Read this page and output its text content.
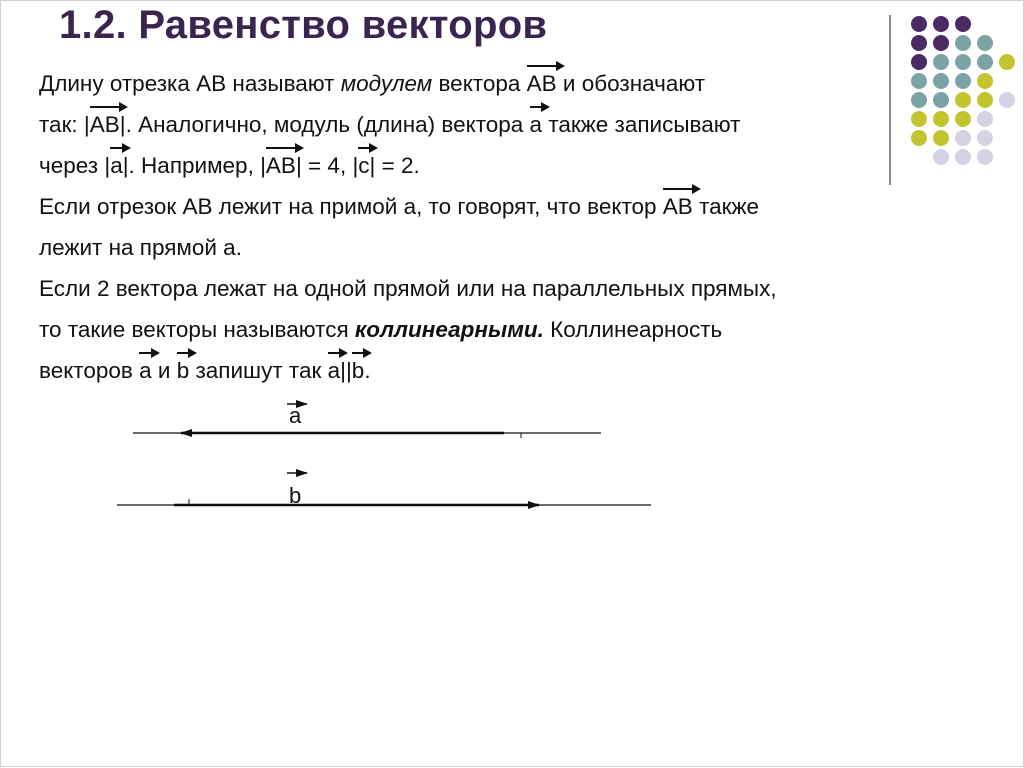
1.2. Равенство векторов
Длину отрезка АВ называют модулем вектора АВ и обозначают
так: |АВ|. Аналогично, модуль (длина) вектора а также записывают
через |а|. Например, |АВ| = 4, |с| = 2.
Если отрезок АВ лежит на примой а, то говорят, что вектор АВ также
лежит на прямой а.
Если 2 вектора лежат на одной прямой или на параллельных прямых,
то такие векторы называются коллинеарными. Коллинеарность
векторов а и b запишут так а||b.
а
b
